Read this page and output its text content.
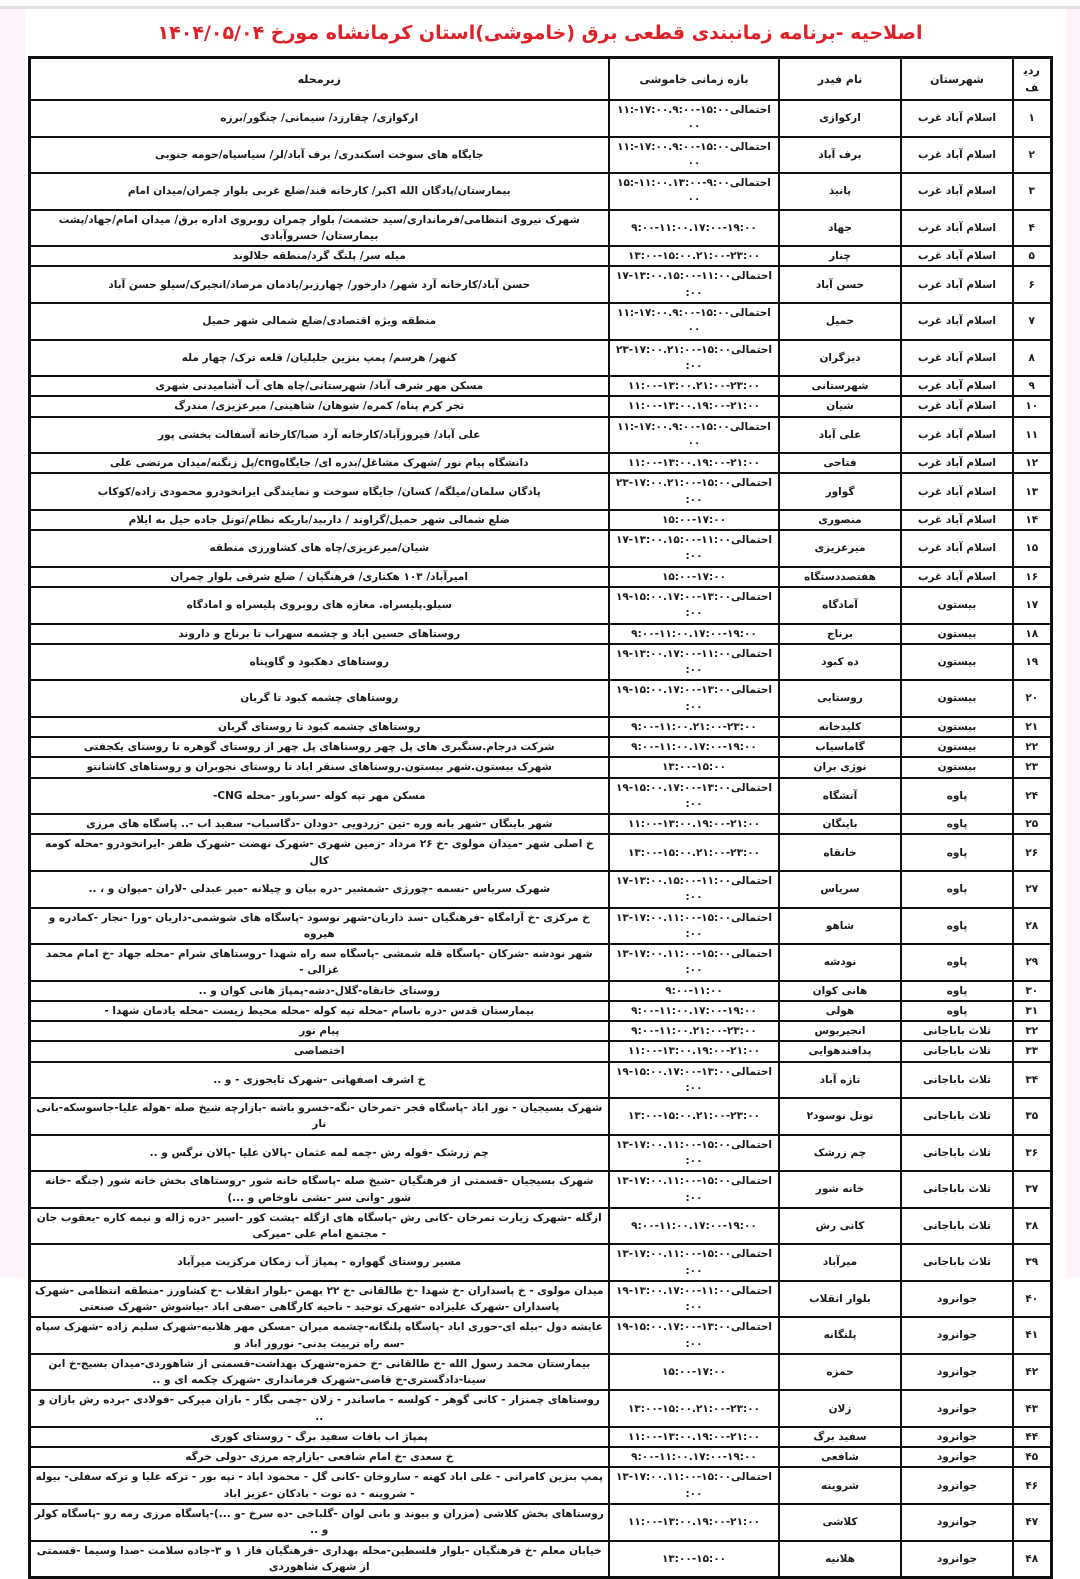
اصلاحیه -برنامه زمانبندی قطعی برق (خاموشی)استان کرمانشاه مورخ ۱۴۰۴/۰۵/۰۴
ردیف	شهرستان	نام فیدر	بازه زمانی خاموشی	زیرمحله
۱	اسلام آباد غرب	ارکوازی	احتمالی۱۵:۰۰-۱۷:۰۰.۹:۰۰-۱۱:۰۰	ارکوازی/ چقارزد/ سیمانی/ چنگور/برزه
۲	اسلام آباد غرب	برف آباد	احتمالی۱۵:۰۰-۱۷:۰۰.۹:۰۰-۱۱:۰۰	جایگاه های سوخت اسکندری/ برف آباد/لر/ سیاسیاه/حومه جنوبی
۳	اسلام آباد غرب	پانیذ	احتمالی۹:۰۰-۱۱:۰۰.۱۳:۰۰-۱۵:۰۰	بیمارستان/پادگان الله اکبر/ کارخانه قند/ضلع غربی بلوار چمران/میدان امام
۴	اسلام آباد غرب	جهاد	۹:۰۰-۱۱:۰۰.۱۷:۰۰-۱۹:۰۰	شهرک نیروی انتظامی/فرمانداری/سید حشمت/ بلوار چمران روبروی اداره برق/ میدان امام/جهاد/پشت بیمارستان/ خسروآبادی
۵	اسلام آباد غرب	چنار	۱۳:۰۰-۱۵:۰۰.۲۱:۰۰-۲۳:۰۰	میله سر/ پلنگ گرد/منطقه جلالوند
۶	اسلام آباد غرب	حسن آباد	احتمالی۱۱:۰۰-۱۳:۰۰.۱۵:۰۰-۱۷:۰۰	حسن آباد/کارخانه آرد شهر/ دارخور/ چهارزبر/یادمان مرصاد/انجیرک/سیلو حسن آباد
۷	اسلام آباد غرب	حمیل	احتمالی۱۵:۰۰-۱۷:۰۰.۹:۰۰-۱۱:۰۰	منطقه ویژه اقتصادی/ضلع شمالی شهر حمیل
۸	اسلام آباد غرب	دیزگران	احتمالی۱۵:۰۰-۱۷:۰۰.۲۱:۰۰-۲۳:۰۰	کنهر/ هرسم/ پمپ بنزین جلیلیان/ قلعه ترک/ چهار مله
۹	اسلام آباد غرب	شهرستانی	۱۱:۰۰-۱۳:۰۰.۲۱:۰۰-۲۳:۰۰	مسکن مهر شرف آباد/ شهرستانی/چاه های آب آشامیدنی شهری
۱۰	اسلام آباد غرب	شیان	۱۱:۰۰-۱۳:۰۰.۱۹:۰۰-۲۱:۰۰	تجر کرم پناه/ کمره/ شوهان/ شاهینی/ میرعزیزی/ مندرگ
۱۱	اسلام آباد غرب	علی آباد	احتمالی۱۵:۰۰-۱۷:۰۰.۹:۰۰-۱۱:۰۰	علی آباد/ فیروزآباد/کارخانه آرد صبا/کارخانه آسفالت بخشی پور
۱۲	اسلام آباد غرب	فتاحی	۱۱:۰۰-۱۳:۰۰.۱۹:۰۰-۲۱:۰۰	دانشگاه پیام نور /شهرک مشاغل/بدره ای/ جایگاهcng/پل زنگنه/میدان مرتضی علی
۱۳	اسلام آباد غرب	گواور	احتمالی۱۵:۰۰-۱۷:۰۰.۲۱:۰۰-۲۳:۰۰	پادگان سلمان/میلگه/ کسان/ جایگاه سوخت و نمایندگی ایرانخودرو محمودی زاده/کوکاب
۱۴	اسلام آباد غرب	منصوری	۱۵:۰۰-۱۷:۰۰	ضلع شمالی شهر حمیل/گراوند / داربید/باریکه نظام/تونل جاده حیل به ایلام
۱۵	اسلام آباد غرب	میرعزیزی	احتمالی۱۱:۰۰-۱۳:۰۰.۱۵:۰۰-۱۷:۰۰	شیان/میرعزیزی/چاه های کشاورزی منطقه
۱۶	اسلام آباد غرب	هفتصددستگاه	۱۵:۰۰-۱۷:۰۰	امیرآباد/ ۱۰۳ هکتاری/ فرهنگیان / ضلع شرقی بلوار چمران
۱۷	بیستون	آمادگاه	احتمالی۱۳:۰۰-۱۵:۰۰.۱۷:۰۰-۱۹:۰۰	سیلو.پلیسراه. مغازه های روبروی پلیسراه و امادگاه
۱۸	بیستون	برناج	۹:۰۰-۱۱:۰۰.۱۷:۰۰-۱۹:۰۰	روستاهای حسین اباد و چشمه سهراب تا برناج و داروند
۱۹	بیستون	ده کبود	احتمالی۱۱:۰۰-۱۳:۰۰.۱۷:۰۰-۱۹:۰۰	روستاهای دهکبود و گاوپناه
۲۰	بیستون	روستایی	احتمالی۱۳:۰۰-۱۵:۰۰.۱۷:۰۰-۱۹:۰۰	روستاهای چشمه کبود تا گربان
۲۱	بیستون	کلیدخانه	۹:۰۰-۱۱:۰۰.۲۱:۰۰-۲۳:۰۰	روستاهای چشمه کبود تا روستای گربان
۲۲	بیستون	گاماسیاب	۹:۰۰-۱۱:۰۰.۱۷:۰۰-۱۹:۰۰	شرکت درجام.سنگبری های پل چهر روستاهای پل چهر از روستای گوهره تا روستای یکجفتی
۲۳	بیستون	نوژی بران	۱۳:۰۰-۱۵:۰۰	شهرک بیستون.شهر بیستون.روستاهای سنقر اباد تا روستای نجوبران و روستاهای کاشانتو
۲۴	پاوه	آتشگاه	احتمالی۱۳:۰۰-۱۵:۰۰.۱۷:۰۰-۱۹:۰۰	مسکن مهر تپه کوله -سرباور -محله CNG-
۲۵	پاوه	باینگان	۱۱:۰۰-۱۳:۰۰.۱۹:۰۰-۲۱:۰۰	شهر باینگان -شهر بانه وره -تین -زردویی -دودان -دگاسیاب- سفید اب -.. پاسگاه های مرزی
۲۶	پاوه	خانقاه	۱۳:۰۰-۱۵:۰۰.۲۱:۰۰-۲۳:۰۰	خ اصلی شهر -میدان مولوی -خ ۲۶ مرداد -زمین شهری -شهرک نهضت -شهرک ظفر -ایرانخودرو -محله کومه کال
۲۷	پاوه	سریاس	احتمالی۱۱:۰۰-۱۳:۰۰.۱۵:۰۰-۱۷:۰۰	شهرک سریاس -نسمه -چورژی -شمشیر -دره بیان و چیلانه -میر عبدلی -لاران -میوان و ، ..
۲۸	پاوه	شاهو	احتمالی۱۵:۰۰-۱۷:۰۰.۱۱:۰۰-۱۳:۰۰	خ مرکزی -خ آرامگاه -فرهنگیان -سد داریان-شهر نوسود -پاسگاه های شوشمی-داریان -ورا -نجار -کمادره و هیروه
۲۹	پاوه	نودشه	احتمالی۱۵:۰۰-۱۷:۰۰.۱۱:۰۰-۱۳:۰۰	شهر نودشه -شرکان -پاسگاه قله شمشی -پاسگاه سه راه شهدا -روستاهای شرام -محله جهاد -خ امام محمد غزالی -
۳۰	پاوه	هانی کوان	۹:۰۰-۱۱:۰۰	روستای خانقاه-گلال-دشه-پمپاژ هانی کوان و ..
۳۱	پاوه	هولی	۹:۰۰-۱۱:۰۰.۱۷:۰۰-۱۹:۰۰	بیمارستان قدس -دره باسام -محله تپه کوله -محله محیط زیست -محله یادمان شهدا -
۳۲	ثلاث باباجانی	انجیربوس	۹:۰۰-۱۱:۰۰.۲۱:۰۰-۲۳:۰۰	پیام نور
۳۳	ثلاث باباجانی	پدافندهوایی	۱۱:۰۰-۱۳:۰۰.۱۹:۰۰-۲۱:۰۰	اختصاصی
۳۴	ثلاث باباجانی	تازه آباد	احتمالی۱۳:۰۰-۱۵:۰۰.۱۷:۰۰-۱۹:۰۰	خ اشرف اصفهانی -شهرک تایجوزی - و ..
۳۵	ثلاث باباجانی	تونل نوسود۲	۱۳:۰۰-۱۵:۰۰.۲۱:۰۰-۲۳:۰۰	شهرک بسیجیان - نور اباد -پاسگاه قجر -تمرخان -نگه-خسرو باشه -بازارچه شیخ صله -هوله علیا-جاسوسکه-بانی نار
۳۶	ثلاث باباجانی	چم زرشک	احتمالی۱۵:۰۰-۱۷:۰۰.۱۱:۰۰-۱۳:۰۰	چم زرشک -قوله رش -چمه لمه عثمان -پالان علیا -پالان نرگس و ..
۳۷	ثلاث باباجانی	خانه شور	احتمالی۱۵:۰۰-۱۷:۰۰.۱۱:۰۰-۱۳:۰۰	شهرک بسیجیان -قسمتی از فرهنگیان -شیخ صله -پاسگاه خانه شور -روستاهای بخش خانه شور (جنگه -خانه شور -وانی سر -بشی ناوخاص و ...)
۳۸	ثلاث باباجانی	کانی رش	۹:۰۰-۱۱:۰۰.۱۷:۰۰-۱۹:۰۰	ازگله -شهرک زیارت تمرخان -کانی رش -پاسگاه های ازگله -پشت کور -اسیر -دره ژاله و نیمه کاره -یعقوب جان - مجتمع امام علی -میرکی
۳۹	ثلاث باباجانی	میرآباد	احتمالی۱۵:۰۰-۱۷:۰۰.۱۱:۰۰-۱۳:۰۰	مسیر روستای گهواره - پمپاژ آب زمکان مرکزیت میرآباد
۴۰	جوانرود	بلوار انقلاب	احتمالی۱۱:۰۰-۱۳:۰۰.۱۷:۰۰-۱۹:۰۰	میدان مولوی - خ پاسداران -خ شهدا -خ طالقانی -خ ۲۲ بهمن -بلوار انقلاب -خ کشاورز -منطقه انتظامی -شهرک پاسداران -شهرک علیزاده -شهرک توحید - ناحیه کارگاهی -صفی اباد -بیاشوش -شهرک صنعتی
۴۱	جوانرود	پلنگانه	احتمالی۱۳:۰۰-۱۵:۰۰.۱۷:۰۰-۱۹:۰۰	عایشه دول -بیله ای-حوری اباد -پاسگاه پلنگانه-چشمه میران -مسکن مهر هلانیه-شهرک سلیم زاده -شهرک سپاه -سه راه تربیت بدنی- نوروز اباد و
۴۲	جوانرود	حمزه	۱۵:۰۰-۱۷:۰۰	بیمارستان محمد رسول الله -خ طالقانی -خ حمزه-شهرک بهداشت-قسمتی از شاهوردی-میدان بسیج-خ ابن سینا-دادگستری-خ قاضی-شهرک فرمانداری -شهرک چکمه ای و ..
۴۳	جوانرود	زلان	۱۳:۰۰-۱۵:۰۰.۲۱:۰۰-۲۳:۰۰	روستاهای چمنزار - کانی گوهر - کولسه - ماساندر - زلان -چمی بگار - بازان میرکی -فولادی -برده رش بازان و ..
۴۴	جوانرود	سفید برگ	۱۱:۰۰-۱۳:۰۰.۱۹:۰۰-۲۱:۰۰	پمپاژ اب بافات سفید برگ - روستای کوری
۴۵	جوانرود	شافعی	۹:۰۰-۱۱:۰۰.۱۷:۰۰-۱۹:۰۰	خ سعدی -خ امام شافعی -بازارچه مرزی -دولی خرگه
۴۶	جوانرود	شروینه	احتمالی۱۵:۰۰-۱۷:۰۰.۱۱:۰۰-۱۳:۰۰	پمپ بنزین کامرانی - علی اباد کهنه - ساروخان -کانی گل - محمود اباد - تپه بور - ترکه علیا و ترکه سفلی- بیوله - شروینه - ده توت - بادکان -عزیز اباد
۴۷	جوانرود	کلاشی	۱۱:۰۰-۱۳:۰۰.۱۹:۰۰-۲۱:۰۰	روستاهای بخش کلاشی (مزران و بیوند و بانی لوان -گلباخی -ده سرخ -و ...)-پاسگاه مرزی رمه رو -پاسگاه کولر و ..
۴۸	جوانرود	هلانیه	۱۳:۰۰-۱۵:۰۰	خیابان معلم -خ فرهنگیان -بلوار فلسطین-محله بهداری -فرهنگیان فاز ۱ و ۳-جاده سلامت -صدا وسیما -قسمتی از شهرک شاهوردی
